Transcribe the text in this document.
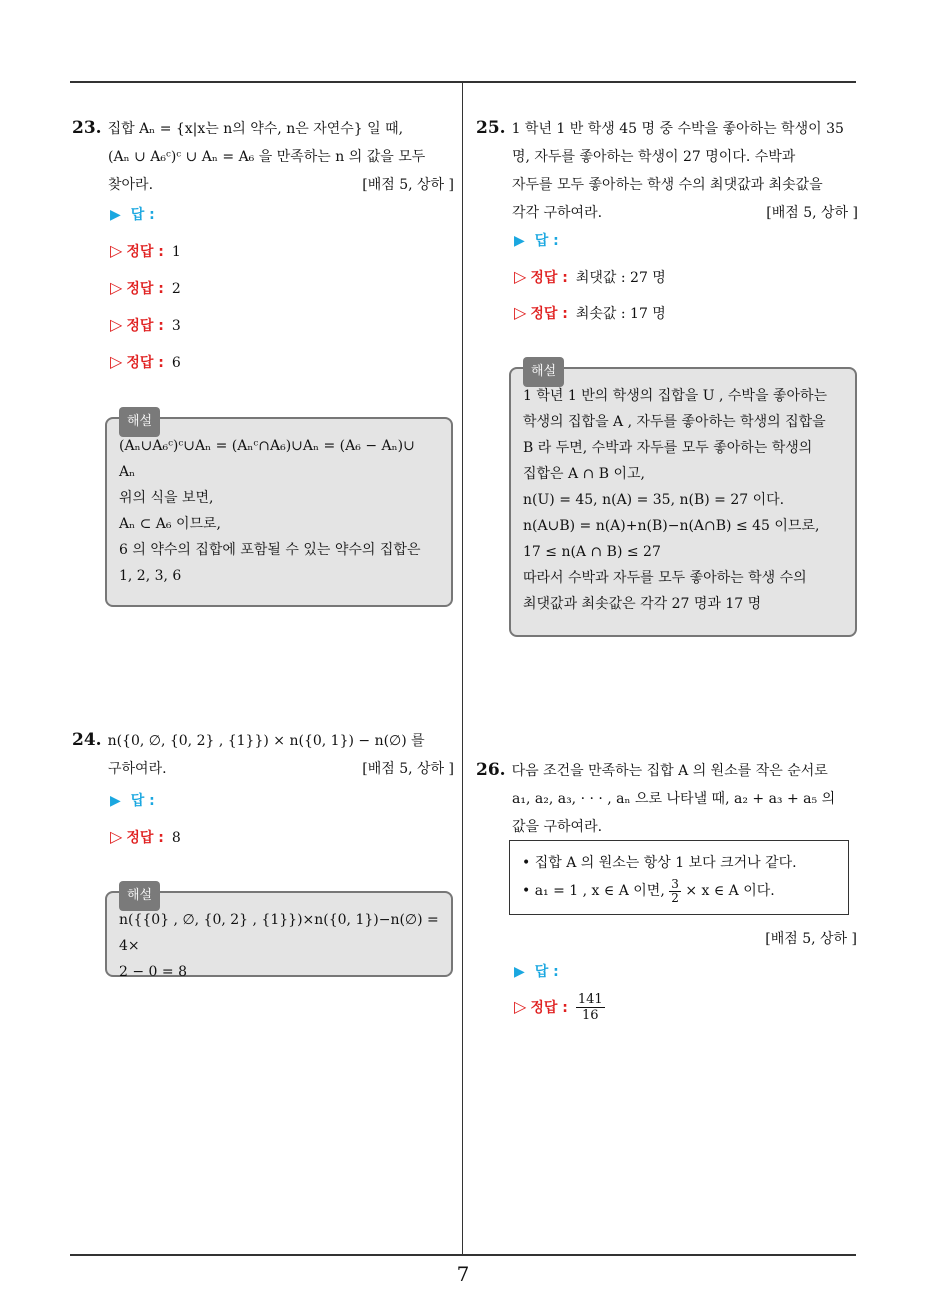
7
23. 집합 Aₙ = {x|x는 n의 약수, n은 자연수} 일 때,
(Aₙ ∪ A₆ᶜ)ᶜ ∪ Aₙ = A₆ 을 만족하는 n 의 값을 모두
찾아라.	[배점 5, 상하 ]
▶ 답 :
▷ 정답 : 1
▷ 정답 : 2
▷ 정답 : 3
▷ 정답 : 6
해설
(Aₙ∪A₆ᶜ)ᶜ∪Aₙ = (Aₙᶜ∩A₆)∪Aₙ = (A₆ − Aₙ)∪
Aₙ
위의 식을 보면,
Aₙ ⊂ A₆ 이므로,
6 의 약수의 집합에 포함될 수 있는 약수의 집합은
1, 2, 3, 6
24. n({0, ∅, {0, 2} , {1}}) × n({0, 1}) − n(∅) 를
구하여라.	[배점 5, 상하 ]
▶ 답 :
▷ 정답 : 8
해설
n({{0} , ∅, {0, 2} , {1}})×n({0, 1})−n(∅) = 4×
2 − 0 = 8
25. 1 학년 1 반 학생 45 명 중 수박을 좋아하는 학생이 35
명, 자두를 좋아하는 학생이 27 명이다. 수박과
자두를 모두 좋아하는 학생 수의 최댓값과 최솟값을
각각 구하여라.	[배점 5, 상하 ]
▶ 답 :
▷ 정답 : 최댓값 : 27 명
▷ 정답 : 최솟값 : 17 명
해설
1 학년 1 반의 학생의 집합을 U , 수박을 좋아하는
학생의 집합을 A , 자두를 좋아하는 학생의 집합을
B 라 두면, 수박과 자두를 모두 좋아하는 학생의
집합은 A ∩ B 이고,
n(U) = 45, n(A) = 35, n(B) = 27 이다.
n(A∪B) = n(A)+n(B)−n(A∩B) ≤ 45 이므로,
17 ≤ n(A ∩ B) ≤ 27
따라서 수박과 자두를 모두 좋아하는 학생 수의
최댓값과 최솟값은 각각 27 명과 17 명
26. 다음 조건을 만족하는 집합 A 의 원소를 작은 순서로
a₁, a₂, a₃, · · · , aₙ 으로 나타낼 때, a₂ + a₃ + a₅ 의
값을 구하여라.
• 집합 A 의 원소는 항상 1 보다 크거나 같다.
• a₁ = 1 , x ∈ A 이면, $\frac{3}{2} \times x$ ∈ A 이다.
[배점 5, 상하 ]
▶ 답 :
▷ 정답 : $\frac{141}{16}$
